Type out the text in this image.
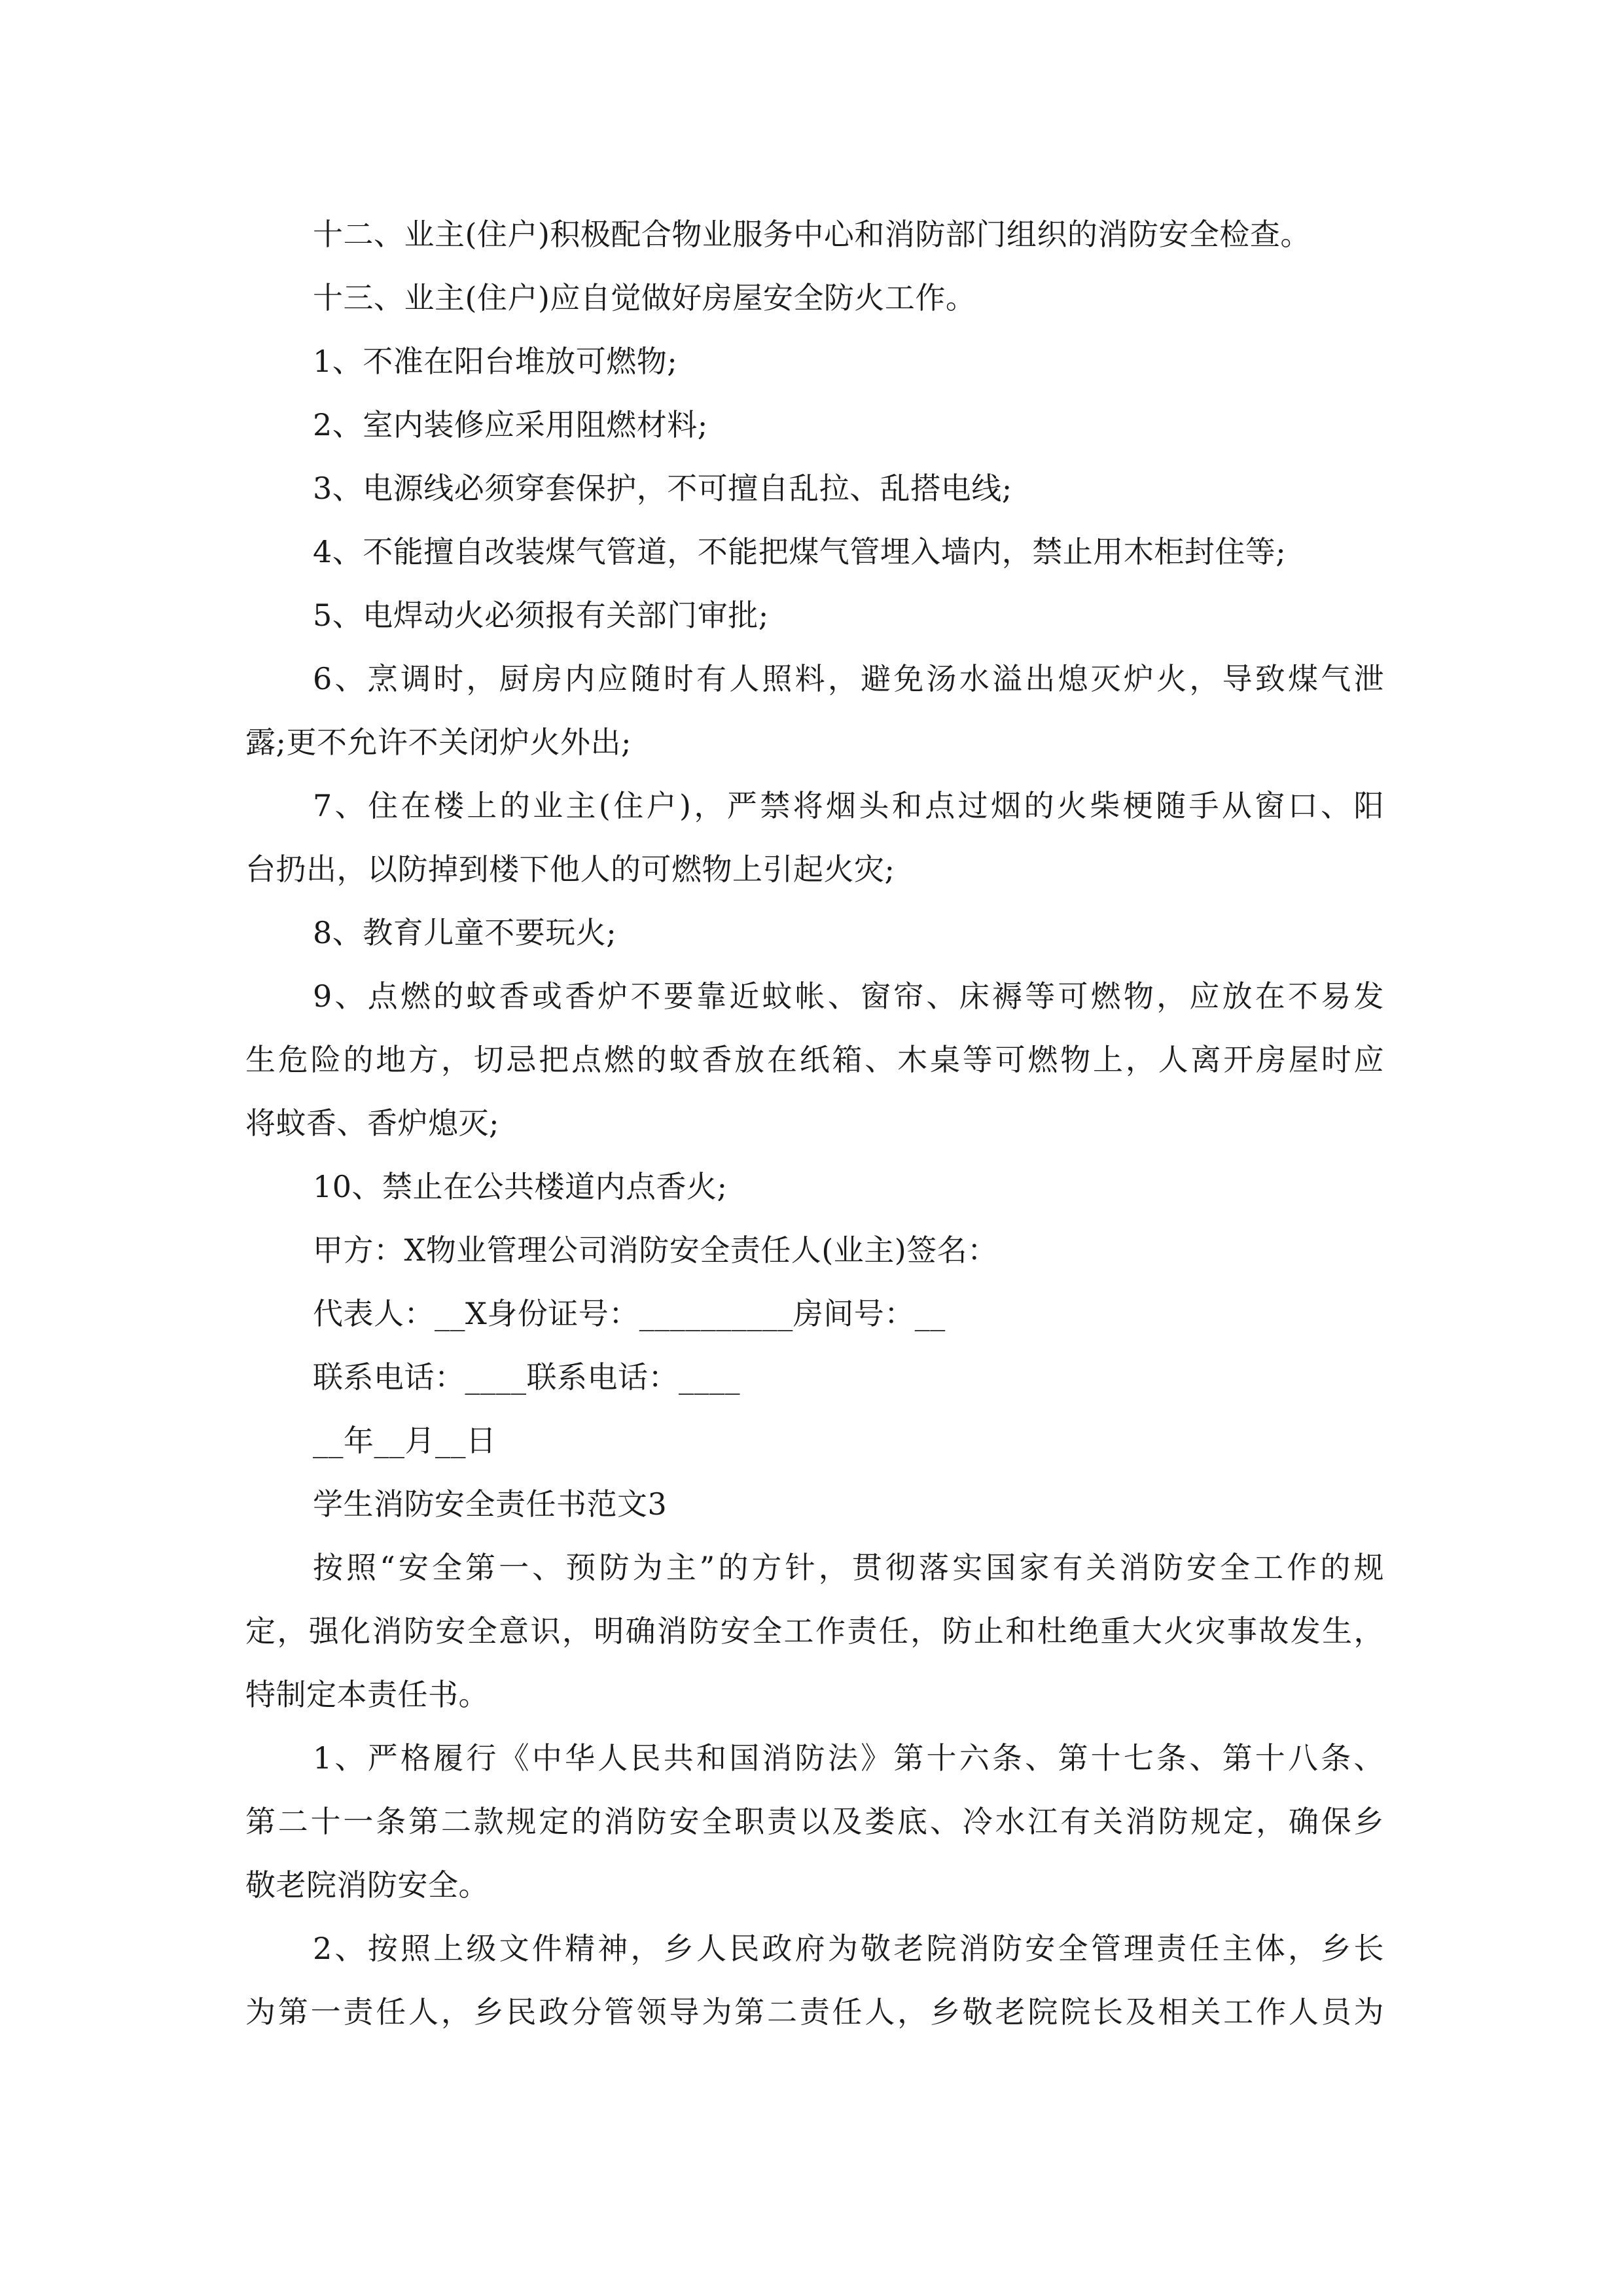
十二、业主(住户)积极配合物业服务中心和消防部门组织的消防安全检查。
十三、业主(住户)应自觉做好房屋安全防火工作。
1、不准在阳台堆放可燃物;
2、室内装修应采用阻燃材料;
3、电源线必须穿套保护，不可擅自乱拉、乱搭电线;
4、不能擅自改装煤气管道，不能把煤气管埋入墙内，禁止用木柜封住等;
5、电焊动火必须报有关部门审批;
6、烹调时，厨房内应随时有人照料，避免汤水溢出熄灭炉火，导致煤气泄
露;更不允许不关闭炉火外出;
7、住在楼上的业主(住户)，严禁将烟头和点过烟的火柴梗随手从窗口、阳
台扔出，以防掉到楼下他人的可燃物上引起火灾;
8、教育儿童不要玩火;
9、点燃的蚊香或香炉不要靠近蚊帐、窗帘、床褥等可燃物，应放在不易发
生危险的地方，切忌把点燃的蚊香放在纸箱、木桌等可燃物上，人离开房屋时应
将蚊香、香炉熄灭;
10、禁止在公共楼道内点香火;
甲方：X物业管理公司消防安全责任人(业主)签名：
代表人：__X身份证号：__________房间号：__
联系电话：____联系电话：____
__年__月__日
学生消防安全责任书范文3
按照“安全第一、预防为主”的方针，贯彻落实国家有关消防安全工作的规
定，强化消防安全意识，明确消防安全工作责任，防止和杜绝重大火灾事故发生，
特制定本责任书。
1、严格履行《中华人民共和国消防法》第十六条、第十七条、第十八条、
第二十一条第二款规定的消防安全职责以及娄底、冷水江有关消防规定，确保乡
敬老院消防安全。
2、按照上级文件精神，乡人民政府为敬老院消防安全管理责任主体，乡长
为第一责任人，乡民政分管领导为第二责任人，乡敬老院院长及相关工作人员为
